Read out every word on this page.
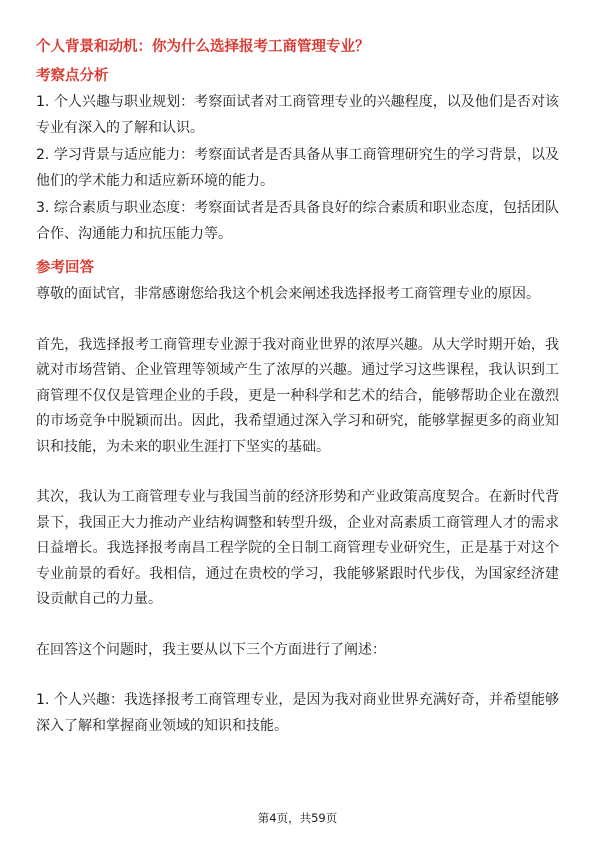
个人背景和动机：你为什么选择报考工商管理专业？
考察点分析

1. 个人兴趣与职业规划：考察面试者对工商管理专业的兴趣程度，以及他们是否对该专业有深入的了解和认识。

2. 学习背景与适应能力：考察面试者是否具备从事工商管理研究生的学习背景，以及他们的学术能力和适应新环境的能力。

3. 综合素质与职业态度：考察面试者是否具备良好的综合素质和职业态度，包括团队合作、沟通能力和抗压能力等。

参考回答

尊敬的面试官，非常感谢您给我这个机会来阐述我选择报考工商管理专业的原因。

首先，我选择报考工商管理专业源于我对商业世界的浓厚兴趣。从大学时期开始，我就对市场营销、企业管理等领域产生了浓厚的兴趣。通过学习这些课程，我认识到工商管理不仅仅是管理企业的手段，更是一种科学和艺术的结合，能够帮助企业在激烈的市场竞争中脱颖而出。因此，我希望通过深入学习和研究，能够掌握更多的商业知识和技能，为未来的职业生涯打下坚实的基础。

其次，我认为工商管理专业与我国当前的经济形势和产业政策高度契合。在新时代背景下，我国正大力推动产业结构调整和转型升级，企业对高素质工商管理人才的需求日益增长。我选择报考南昌工程学院的全日制工商管理专业研究生，正是基于对这个专业前景的看好。我相信，通过在贵校的学习，我能够紧跟时代步伐，为国家经济建设贡献自己的力量。

在回答这个问题时，我主要从以下三个方面进行了阐述：

1. 个人兴趣：我选择报考工商管理专业，是因为我对商业世界充满好奇，并希望能够深入了解和掌握商业领域的知识和技能。

第4页，共59页
